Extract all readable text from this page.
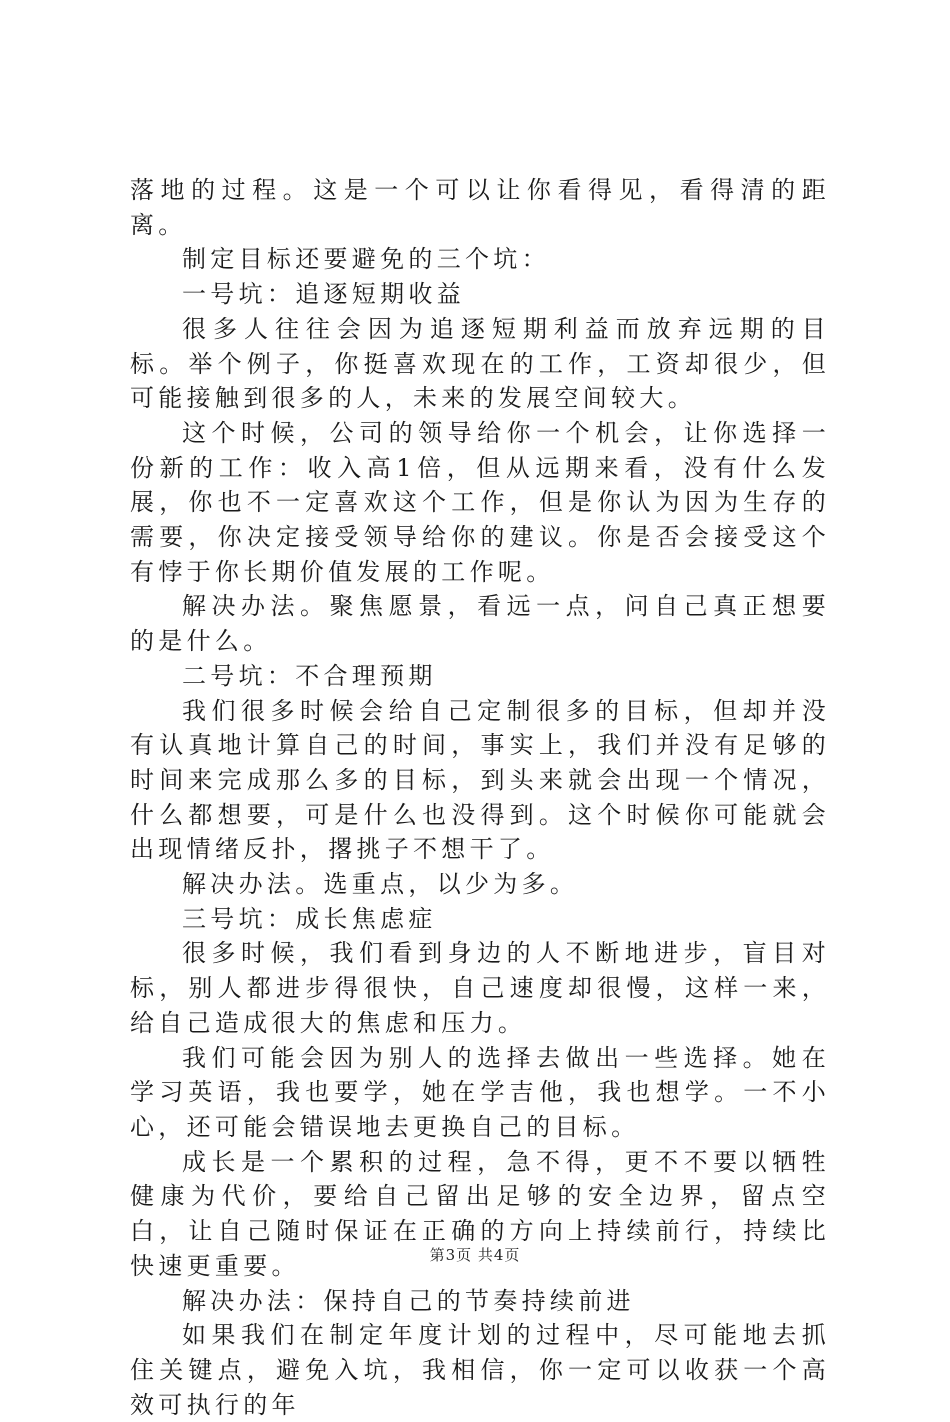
落地的过程。这是一个可以让你看得见，看得清的距离。

制定目标还要避免的三个坑：

一号坑：追逐短期收益

很多人往往会因为追逐短期利益而放弃远期的目标。举个例子，你挺喜欢现在的工作，工资却很少，但可能接触到很多的人，未来的发展空间较大。

这个时候，公司的领导给你一个机会，让你选择一份新的工作：收入高1倍，但从远期来看，没有什么发展，你也不一定喜欢这个工作，但是你认为因为生存的需要，你决定接受领导给你的建议。你是否会接受这个有悖于你长期价值发展的工作呢。

解决办法。聚焦愿景，看远一点，问自己真正想要的是什么。

二号坑：不合理预期

我们很多时候会给自己定制很多的目标，但却并没有认真地计算自己的时间，事实上，我们并没有足够的时间来完成那么多的目标，到头来就会出现一个情况，什么都想要，可是什么也没得到。这个时候你可能就会出现情绪反扑，撂挑子不想干了。

解决办法。选重点，以少为多。

三号坑：成长焦虑症

很多时候，我们看到身边的人不断地进步，盲目对标，别人都进步得很快，自己速度却很慢，这样一来，给自己造成很大的焦虑和压力。

我们可能会因为别人的选择去做出一些选择。她在学习英语，我也要学，她在学吉他，我也想学。一不小心，还可能会错误地去更换自己的目标。

成长是一个累积的过程，急不得，更不不要以牺牲健康为代价，要给自己留出足够的安全边界，留点空白，让自己随时保证在正确的方向上持续前行，持续比快速更重要。

解决办法：保持自己的节奏持续前进

如果我们在制定年度计划的过程中，尽可能地去抓住关键点，避免入坑，我相信，你一定可以收获一个高效可执行的年

第3页 共4页
